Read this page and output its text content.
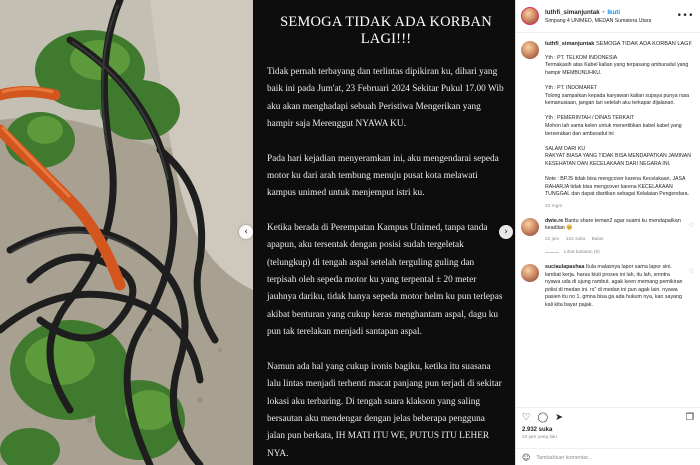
SEMOGA TIDAK ADA KORBAN LAGI!!!

Tidak pernah terbayang dan terlintas dipikiran ku, dihari yang baik ini pada Jum'at, 23 Februari 2024 Sekitar Pukul 17.00 Wib aku akan menghadapi sebuah Peristiwa Mengerikan yang hampir saja Merenggut NYAWA KU.

Pada hari kejadian menyeramkan ini, aku mengendarai sepeda motor ku dari arah tembung menuju pusat kota melawati kampus unimed untuk menjemput istri ku.

Ketika berada di Perempatan Kampus Unimed, tanpa tanda apapun, aku tersentak dengan posisi sudah tergeletak (telungkup) di tengah aspal setelah terguling guling dan terpisah oleh sepeda motor ku yang terpental ± 20 meter jauhnya dariku, tidak hanya sepeda motor helm ku pun terlepas akibat benturan yang cukup keras menghantam aspal, dagu ku pun tak terelakan menjadi santapan aspal.

Namun ada hal yang cukup ironis bagiku, ketika itu suasana lalu lintas menjadi terhenti macat panjang pun terjadi di sekitar lokasi aku terbaring. Di tengah suara klakson yang saling bersautan aku mendengar dengan jelas beberapa pengguna jalan pun berkata, IH MATI ITU WE, PUTUS ITU LEHER NYA.

‹	›
luthfi_simanjuntak • Ikuti
Simpang 4 UNIMED, MEDAN Sumatera Utara	•••
luthfi_simanjuntak SEMOGA TIDAK ADA KORBAN LAGI!
Yth : PT. TELKOM INDONESIA
Termakasih atas Kabel kalian yang terpasang amburadul yang hampir MEMBUNUHKU.
Yth : PT. INDOMARET
Tolong sampaikan kepada karyawan kalian supaya punya rasa kemanusiaan, jangan lari setelah aku terkapar dijalanan.
Yth : PEMERINTAH / DINAS TERKAIT
Mohon lah sama kelen untuk menertibkan kabel kabel yang berserakan dan amburadul ini
SALAM DARI KU
RAKYAT BIASA YANG TIDAK BISA MENDAPATKAN JAMINAN KESEHATAN DAN KECELAKAAN DARI NEGARA INI.
Note : BPJS tidak bisa mengcover karena Kecelakaan, JASA RAHARJA tidak bisa mengcover karena KECELAKAAN TUNGGAL dan dapat diartikan sebagai Kelalaian Pengendara.
23 mgm
dwie.re Bantu share teman2 agar suami ku mendapatkan keadilan 🥺
22 jam 134 suka Balas
♡
Lihat balasan (9)
suciaulapashaa Itula malasnya lapor sama lapor sini. lambat kerja. harus kiuti proses ini lah, itu lah, smntra nyawa uda di ujung rambut. agak keen memang pemikiran polisi di medan ini. rs" di medan ini pun agak lain. nyawa pasien itu no 1. gmna bisa ga ada hukum nya, kan sayang kali kita bayar pajak.
♡
♡ ◯ ➤	❐
2.932 suka
23 jam yang lalu
☺
Tambahkan komentar...
